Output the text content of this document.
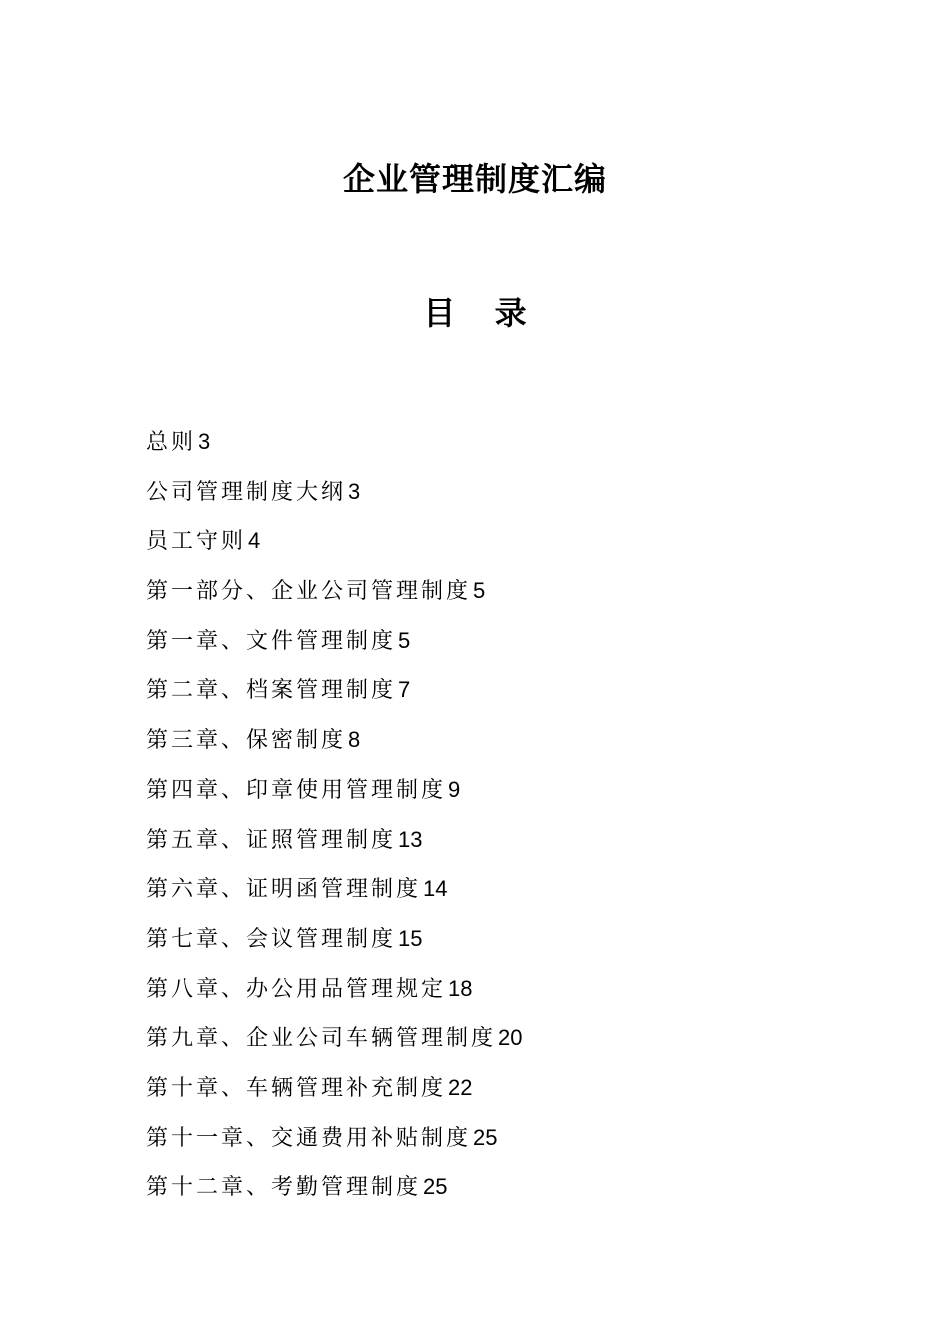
企业管理制度汇编
目 录
总则3
公司管理制度大纲3
员工守则4
第一部分、企业公司管理制度5
第一章、文件管理制度5
第二章、档案管理制度7
第三章、保密制度8
第四章、印章使用管理制度9
第五章、证照管理制度13
第六章、证明函管理制度14
第七章、会议管理制度15
第八章、办公用品管理规定18
第九章、企业公司车辆管理制度20
第十章、车辆管理补充制度22
第十一章、交通费用补贴制度25
第十二章、考勤管理制度25
